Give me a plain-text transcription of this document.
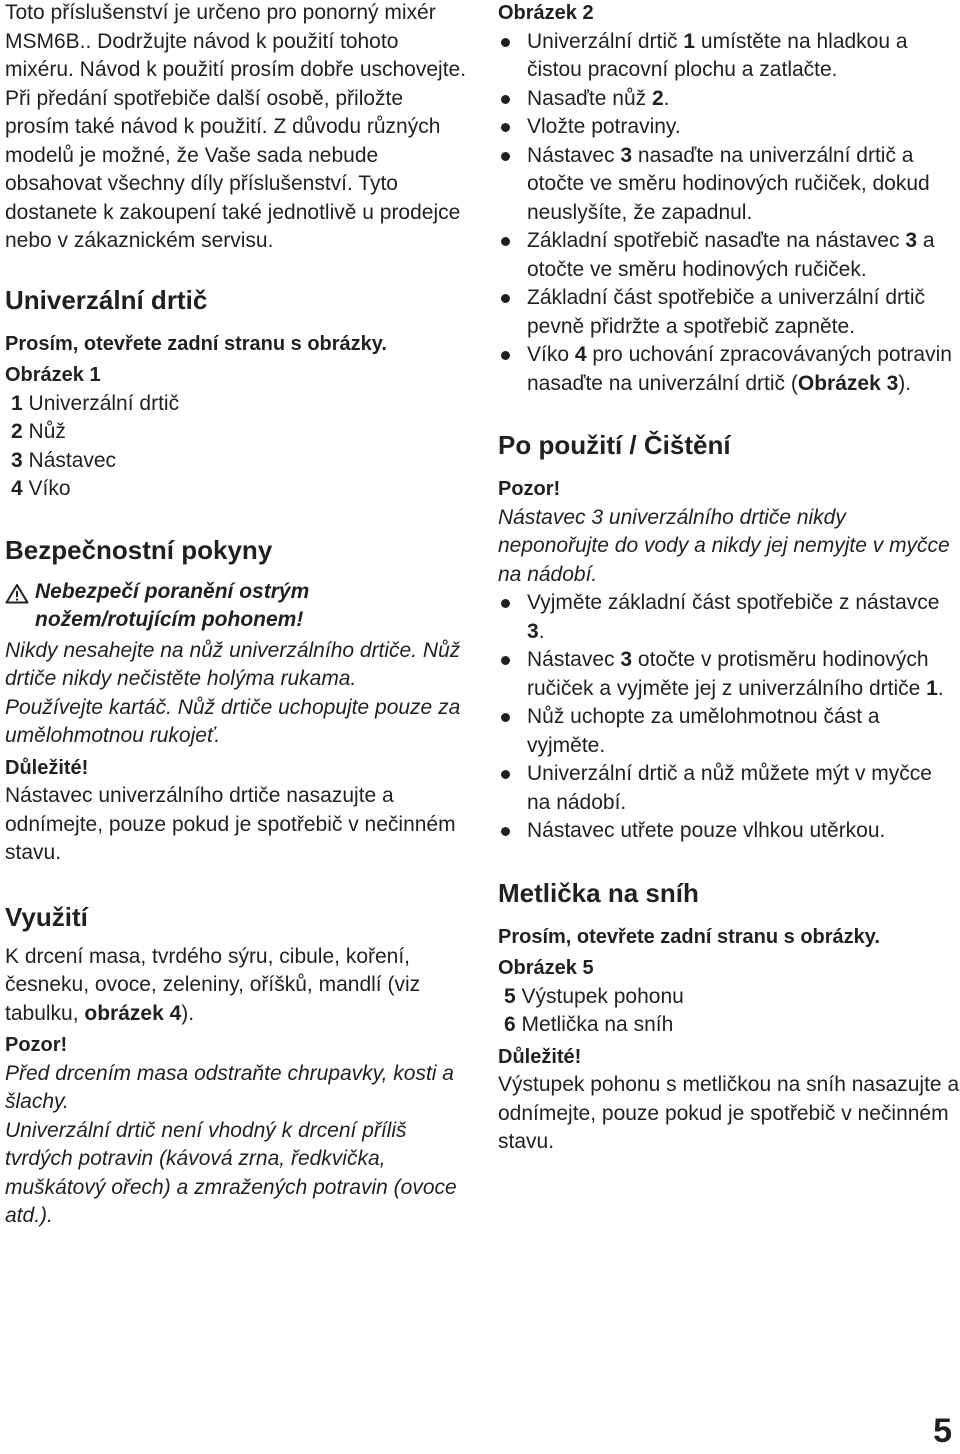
Toto příslušenství je určeno pro ponorný mixér MSM6B.. Dodržujte návod k použití tohoto mixéru. Návod k použití prosím dobře uschovejte.

Při předání spotřebiče další osobě, přiložte prosím také návod k použití. Z důvodu různých modelů je možné, že Vaše sada nebude obsahovat všechny díly příslušenství. Tyto dostanete k zakoupení také jednotlivě u prodejce nebo v zákaznickém servisu.

Univerzální drtič

Prosím, otevřete zadní stranu s obrázky.

Obrázek 1

1 Univerzální drtič
2 Nůž
3 Nástavec
4 Víko
Bezpečnostní pokyny
Nebezpečí poranění ostrým nožem/rotujícím pohonem!

Nikdy nesahejte na nůž univerzálního drtiče. Nůž drtiče nikdy nečistěte holýma rukama.

Používejte kartáč. Nůž drtiče uchopujte pouze za umělohmotnou rukojeť.

Důležité!

Nástavec univerzálního drtiče nasazujte a odnímejte, pouze pokud je spotřebič v nečinném stavu.

Využití

K drcení masa, tvrdého sýru, cibule, koření, česneku, ovoce, zeleniny, oříšků, mandlí (viz tabulku, obrázek 4).

Pozor!

Před drcením masa odstraňte chrupavky, kosti a šlachy.

Univerzální drtič není vhodný k drcení příliš tvrdých potravin (kávová zrna, ředkvička, muškátový ořech) a zmražených potravin (ovoce atd.).

Obrázek 2

Univerzální drtič 1 umístěte na hladkou a čistou pracovní plochu a zatlačte.
Nasaďte nůž 2.
Vložte potraviny.
Nástavec 3 nasaďte na univerzální drtič a otočte ve směru hodinových ručiček, dokud neuslyšíte, že zapadnul.
Základní spotřebič nasaďte na nástavec 3 a otočte ve směru hodinových ručiček.
Základní část spotřebiče a univerzální drtič pevně přidržte a spotřebič zapněte.
Víko 4 pro uchování zpracovávaných potravin nasaďte na univerzální drtič (Obrázek 3).
Po použití / Čištění

Pozor!

Nástavec 3 univerzálního drtiče nikdy neponořujte do vody a nikdy jej nemyjte v myčce na nádobí.

Vyjměte základní část spotřebiče z nástavce 3.
Nástavec 3 otočte v protisměru hodinových ručiček a vyjměte jej z univerzálního drtiče 1.
Nůž uchopte za umělohmotnou část a vyjměte.
Univerzální drtič a nůž můžete mýt v myčce na nádobí.
Nástavec utřete pouze vlhkou utěrkou.
Metlička na sníh

Prosím, otevřete zadní stranu s obrázky.

Obrázek 5

5 Výstupek pohonu
6 Metlička na sníh

Důležité!

Výstupek pohonu s metličkou na sníh nasazujte a odnímejte, pouze pokud je spotřebič v nečinném stavu.

5
